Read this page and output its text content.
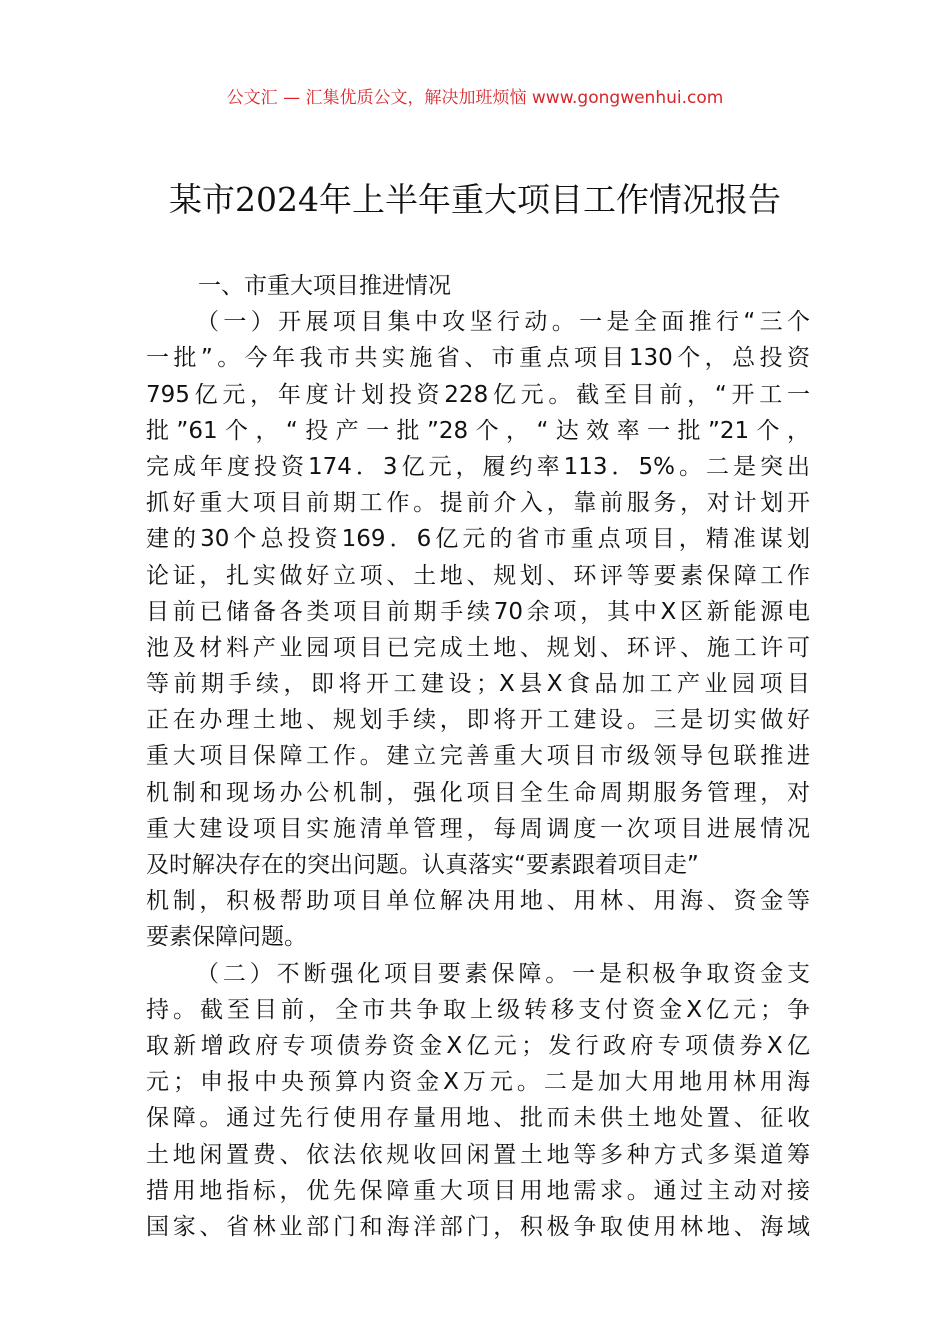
公文汇 — 汇集优质公文，解决加班烦恼 www.gongwenhui.com
某市2024年上半年重大项目工作情况报告
一、市重大项目推进情况
（一）开展项目集中攻坚行动。一是全面推行“三个
一批”。今年我市共实施省、市重点项目130个，总投资
795亿元，年度计划投资228亿元。截至目前，“开工一
批”61个，“投产一批”28个，“达效率一批”21个，
完成年度投资174．3亿元，履约率113．5%。二是突出
抓好重大项目前期工作。提前介入，靠前服务，对计划开
建的30个总投资169．6亿元的省市重点项目，精准谋划
论证，扎实做好立项、土地、规划、环评等要素保障工作
目前已储备各类项目前期手续70余项，其中X区新能源电
池及材料产业园项目已完成土地、规划、环评、施工许可
等前期手续，即将开工建设；X县X食品加工产业园项目
正在办理土地、规划手续，即将开工建设。三是切实做好
重大项目保障工作。建立完善重大项目市级领导包联推进
机制和现场办公机制，强化项目全生命周期服务管理，对
重大建设项目实施清单管理，每周调度一次项目进展情况
及时解决存在的突出问题。认真落实“要素跟着项目走”
机制，积极帮助项目单位解决用地、用林、用海、资金等
要素保障问题。
（二）不断强化项目要素保障。一是积极争取资金支
持。截至目前，全市共争取上级转移支付资金X亿元；争
取新增政府专项债券资金X亿元；发行政府专项债券X亿
元；申报中央预算内资金X万元。二是加大用地用林用海
保障。通过先行使用存量用地、批而未供土地处置、征收
土地闲置费、依法依规收回闲置土地等多种方式多渠道筹
措用地指标，优先保障重大项目用地需求。通过主动对接
国家、省林业部门和海洋部门，积极争取使用林地、海域
